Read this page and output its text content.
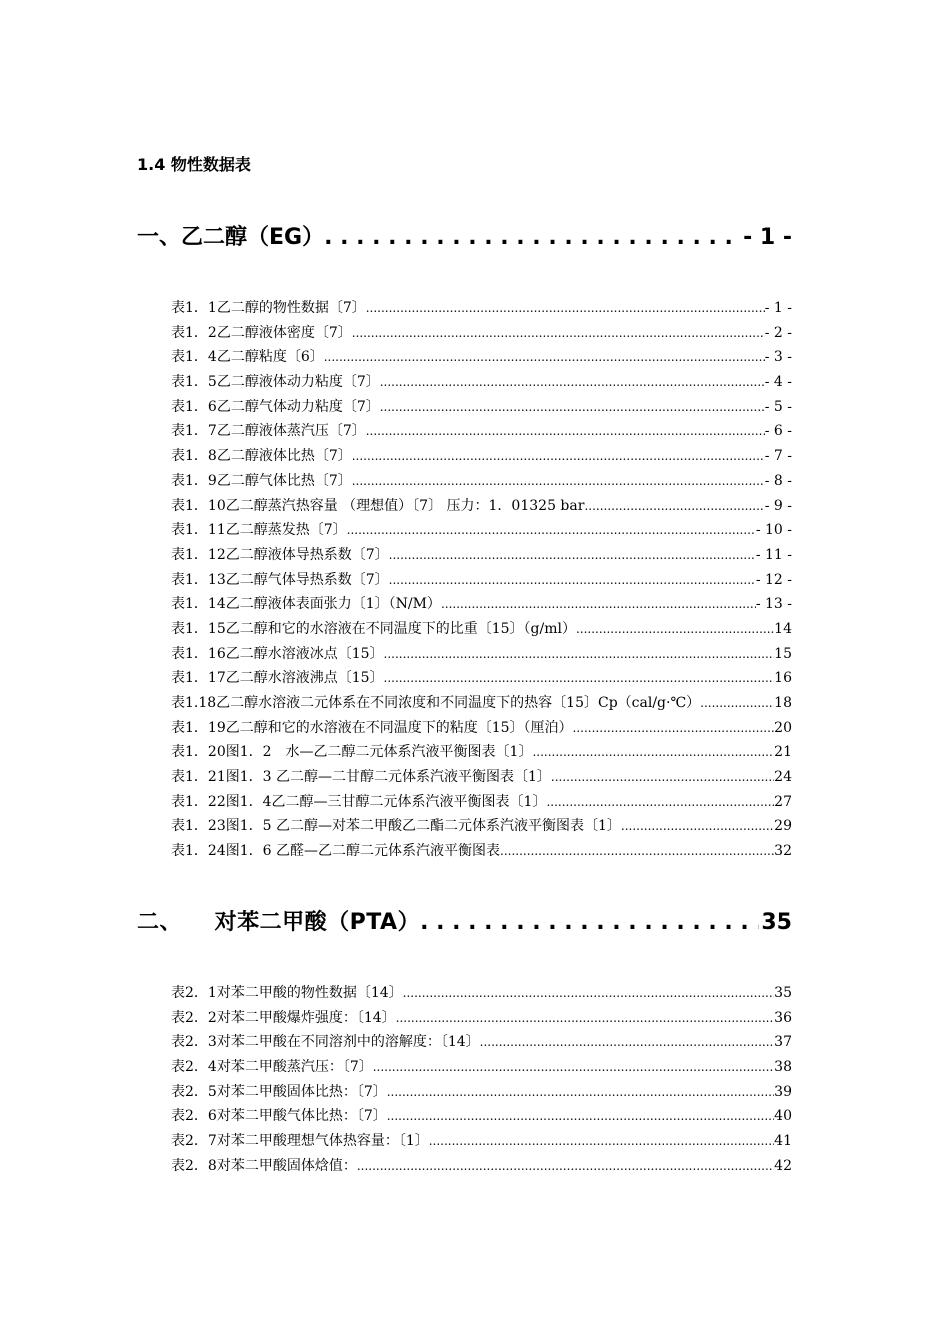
1.4 物性数据表
一、乙二醇（EG） . . .	- 1 -
表1．1乙二醇的物性数据〔7〕 .....	- 1 -
表1．2乙二醇液体密度〔7〕 .....	- 2 -
表1．4乙二醇粘度〔6〕 .....	- 3 -
表1．5乙二醇液体动力粘度〔7〕 .....	- 4 -
表1．6乙二醇气体动力粘度〔7〕 .....	- 5 -
表1．7乙二醇液体蒸汽压〔7〕 .....	- 6 -
表1．8乙二醇液体比热〔7〕 .....	- 7 -
表1．9乙二醇气体比热〔7〕 .....	- 8 -
表1．10乙二醇蒸汽热容量 （理想值）〔7〕 压力：1．01325 bar .....	- 9 -
表1．11乙二醇蒸发热〔7〕 .....	- 10 -
表1．12乙二醇液体导热系数〔7〕 .....	- 11 -
表1．13乙二醇气体导热系数〔7〕 .....	- 12 -
表1．14乙二醇液体表面张力〔1〕（N/M） .....	- 13 -
表1．15乙二醇和它的水溶液在不同温度下的比重〔15〕（g/ml） .....	14
表1．16乙二醇水溶液冰点〔15〕 .....	15
表1．17乙二醇水溶液沸点〔15〕 .....	16
表1.18乙二醇水溶液二元体系在不同浓度和不同温度下的热容〔15〕Cp（cal/g·℃） .....	18
表1．19乙二醇和它的水溶液在不同温度下的粘度〔15〕（厘泊） .....	20
表1．20图1．2　水—乙二醇二元体系汽液平衡图表〔1〕 .....	21
表1．21图1．3 乙二醇—二甘醇二元体系汽液平衡图表〔1〕 .....	24
表1．22图1．4乙二醇—三甘醇二元体系汽液平衡图表〔1〕 .....	27
表1．23图1．5 乙二醇—对苯二甲酸乙二酯二元体系汽液平衡图表〔1〕 .....	29
表1．24图1．6 乙醛—乙二醇二元体系汽液平衡图表 .....	32
二、    对苯二甲酸（PTA） . . .	35
表2．1对苯二甲酸的物性数据〔14〕 .....	35
表2．2对苯二甲酸爆炸强度：〔14〕 .....	36
表2．3对苯二甲酸在不同溶剂中的溶解度：〔14〕 .....	37
表2．4对苯二甲酸蒸汽压：〔7〕 .....	38
表2．5对苯二甲酸固体比热：〔7〕 .....	39
表2．6对苯二甲酸气体比热：〔7〕 .....	40
表2．7对苯二甲酸理想气体热容量：〔1〕 .....	41
表2．8对苯二甲酸固体焓值： .....	42
